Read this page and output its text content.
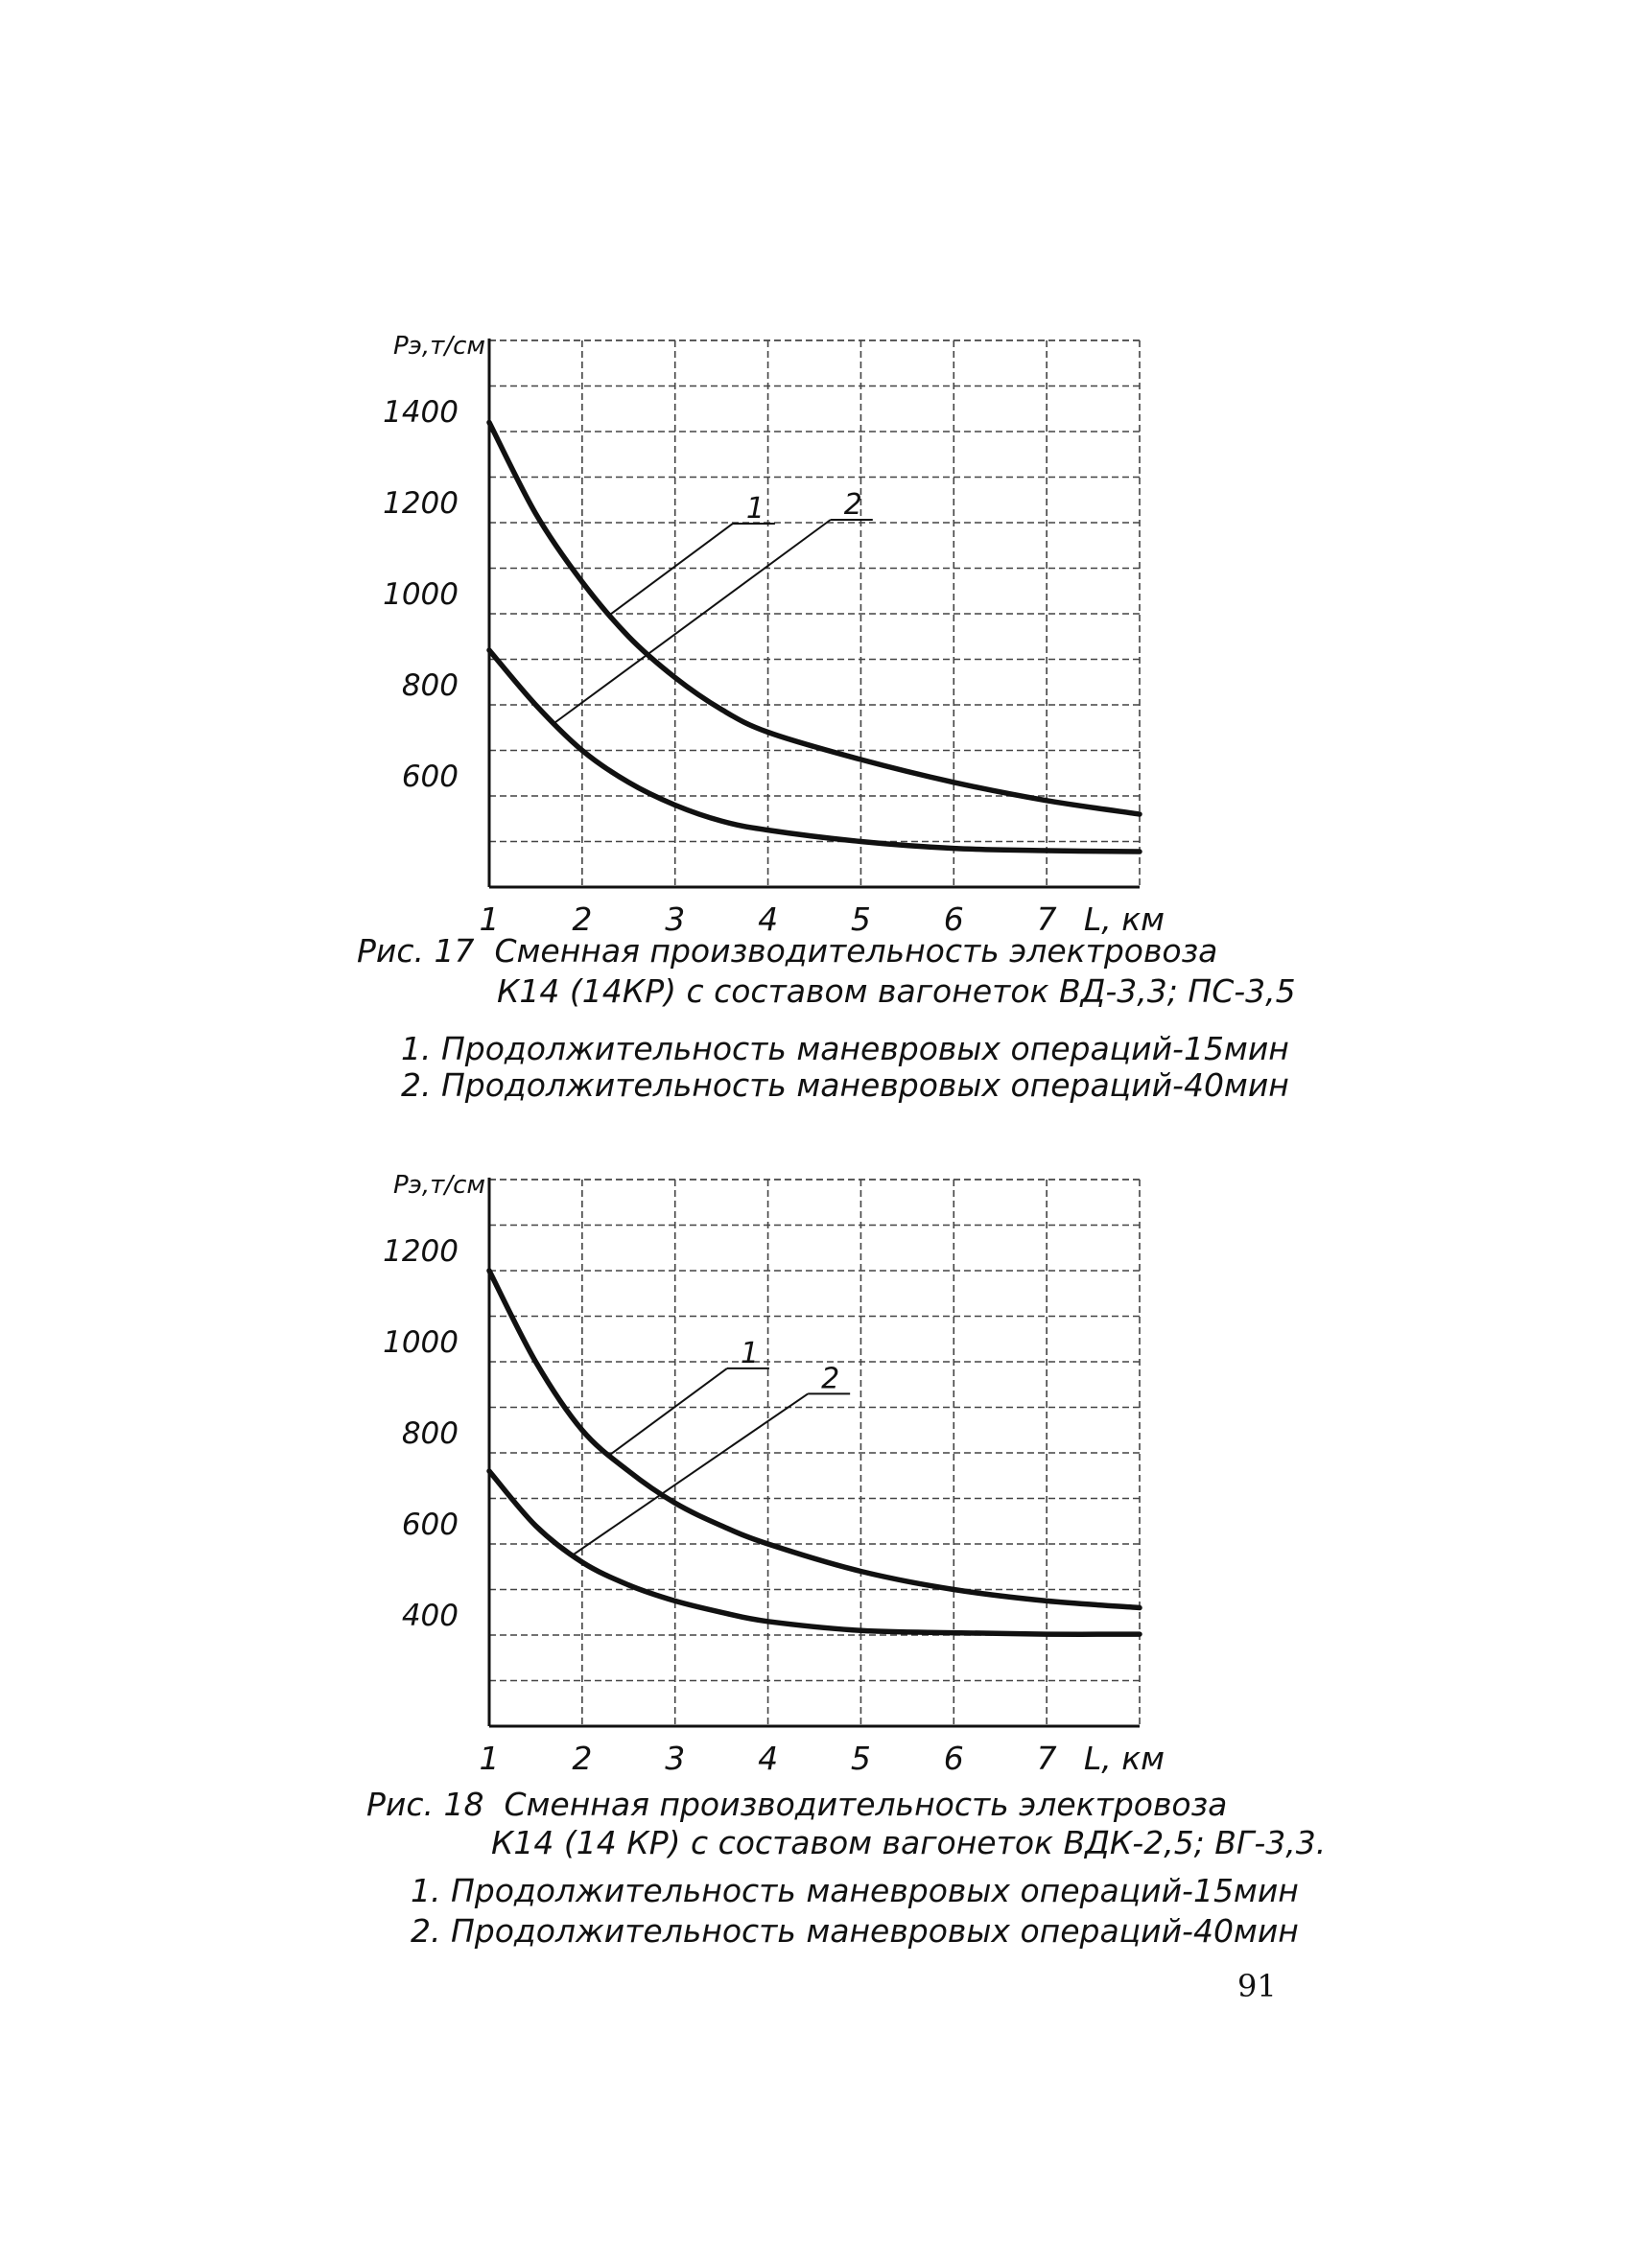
600
800
1000
1200
1400
1 2 3 4 5 6 7
Pэ,т/см
L, км
1	2
Рис. 17 Сменная производительность электровоза
К14 (14КР) с составом вагонеток ВД-3,3; ПС-3,5
1. Продолжительность маневровых операций-15мин
2. Продолжительность маневровых операций-40мин
400
600
800
1000
1200
1 2 3 4 5 6 7
Pэ,т/см
L, км
1
2
Рис. 18 Сменная производительность электровоза
К14 (14 КР) с составом вагонеток ВДК-2,5; ВГ-3,3.
1. Продолжительность маневровых операций-15мин
2. Продолжительность маневровых операций-40мин
91
